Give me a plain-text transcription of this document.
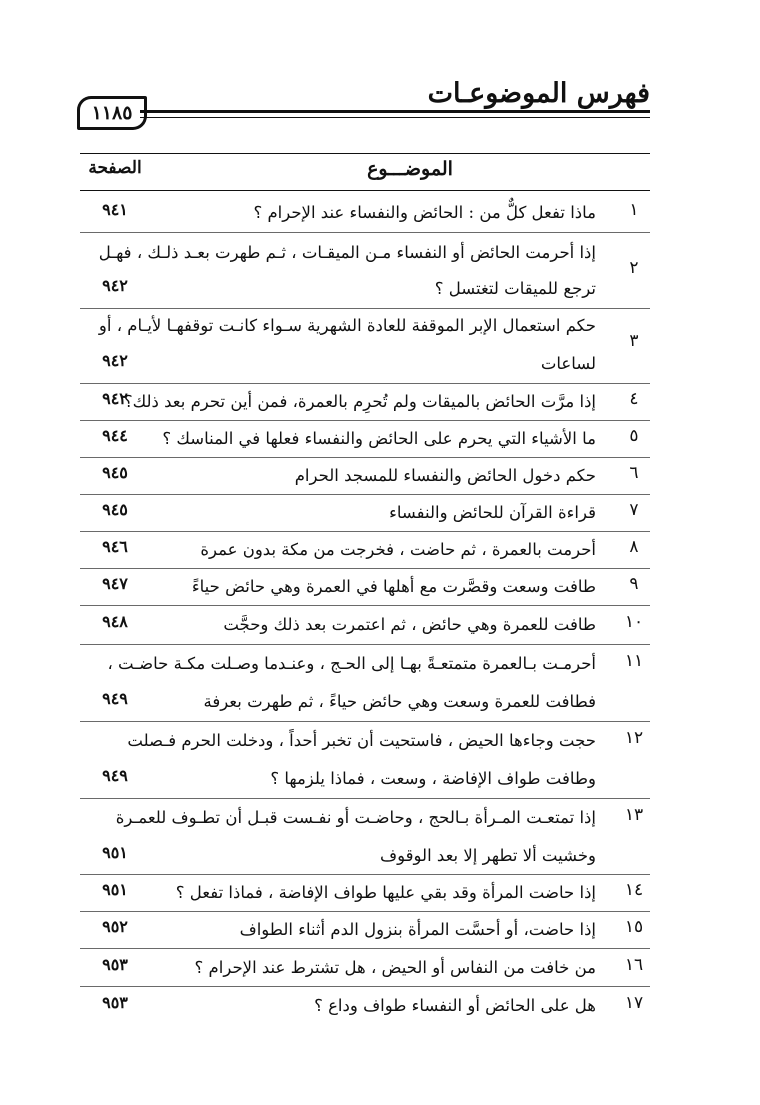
فهرس الموضوعـات
١١٨٥
الموضـــوع
الصفحة
١
ماذا تفعل كلٌّ من : الحائض والنفساء عند الإحرام ؟
٩٤١
٢
إذا أحرمت الحائض أو النفساء مـن الميقـات ، ثـم طهرت بعـد ذلـك ، فهـل
ترجع للميقات لتغتسل ؟
٩٤٢
٣
حكم استعمال الإبر الموقفة للعادة الشهرية سـواء كانـت توقفهـا لأيـام ، أو
لساعات
٩٤٢
٤
إذا مرَّت الحائض بالميقات ولم تُحرِم بالعمرة، فمن أين تحرم بعد ذلك؟
٩٤٢
٥
ما الأشياء التي يحرم على الحائض والنفساء فعلها في المناسك ؟
٩٤٤
٦
حكم دخول الحائض والنفساء للمسجد الحرام
٩٤٥
٧
قراءة القرآن للحائض والنفساء
٩٤٥
٨
أحرمت بالعمرة ، ثم حاضت ، فخرجت من مكة بدون عمرة
٩٤٦
٩
طافت وسعت وقصَّرت مع أهلها في العمرة وهي حائض حياءً
٩٤٧
١٠
طافت للعمرة وهي حائض ، ثم اعتمرت بعد ذلك وحجَّت
٩٤٨
١١
أحرمـت بـالعمرة متمتعـةً بهـا إلى الحـج ، وعنـدما وصـلت مكـة حاضـت ،
فطافت للعمرة وسعت وهي حائض حياءً ، ثم طهرت بعرفة
٩٤٩
١٢
حجت وجاءها الحيض ، فاستحيت أن تخبر أحداً ، ودخلت الحرم فـصلت
وطافت طواف الإفاضة ، وسعت ، فماذا يلزمها ؟
٩٤٩
١٣
إذا تمتعـت المـرأة بـالحج ، وحاضـت أو نفـست قبـل أن تطـوف للعمـرة
وخشيت ألا تطهر إلا بعد الوقوف
٩٥١
١٤
إذا حاضت المرأة وقد بقي عليها طواف الإفاضة ، فماذا تفعل ؟
٩٥١
١٥
إذا حاضت، أو أحسَّت المرأة بنزول الدم أثناء الطواف
٩٥٢
١٦
من خافت من النفاس أو الحيض ، هل تشترط عند الإحرام ؟
٩٥٣
١٧
هل على الحائض أو النفساء طواف وداع ؟
٩٥٣
